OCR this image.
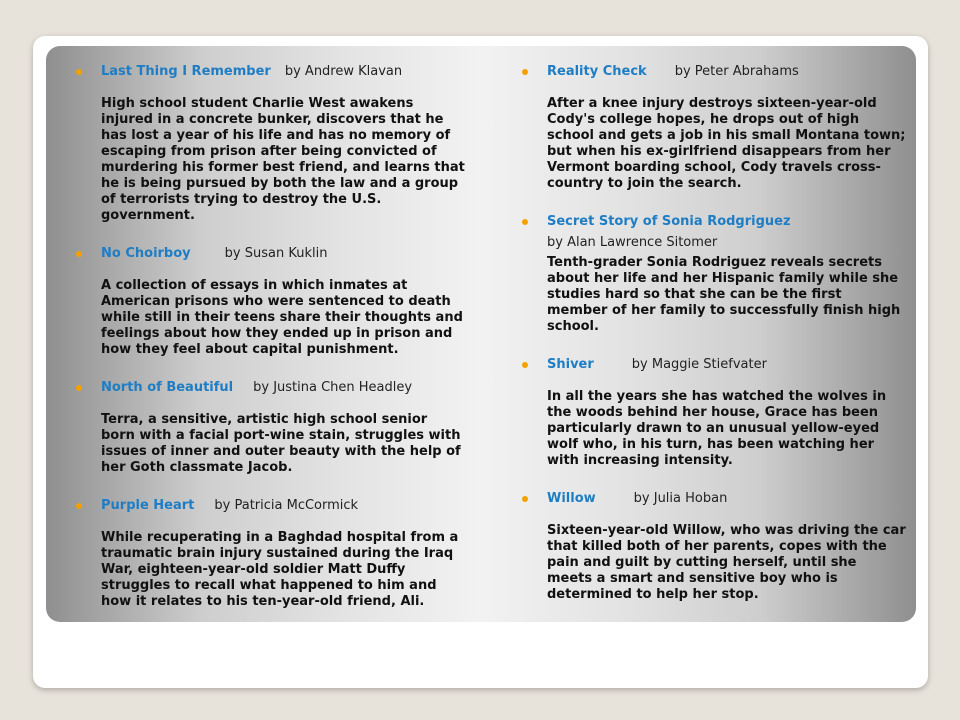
Last Thing I Remember by Andrew Klavan

High school student Charlie West awakens injured in a concrete bunker, discovers that he has lost a year of his life and has no memory of escaping from prison after being convicted of murdering his former best friend, and learns that he is being pursued by both the law and a group of terrorists trying to destroy the U.S. government.

No Choirboy	by Susan Kuklin

A collection of essays in which inmates at American prisons who were sentenced to death while still in their teens share their thoughts and feelings about how they ended up in prison and how they feel about capital punishment.

North of Beautiful by Justina Chen Headley

Terra, a sensitive, artistic high school senior born with a facial port-wine stain, struggles with issues of inner and outer beauty with the help of her Goth classmate Jacob.

Purple Heart by Patricia McCormick

While recuperating in a Baghdad hospital from a traumatic brain injury sustained during the Iraq War, eighteen-year-old soldier Matt Duffy struggles to recall what happened to him and how it relates to his ten-year-old friend, Ali.

Reality Check by Peter Abrahams

After a knee injury destroys sixteen-year-old Cody's college hopes, he drops out of high school and gets a job in his small Montana town; but when his ex-girlfriend disappears from her Vermont boarding school, Cody travels cross-country to join the search.

Secret Story of Sonia Rodgriguez

by Alan Lawrence Sitomer

Tenth-grader Sonia Rodriguez reveals secrets about her life and her Hispanic family while she studies hard so that she can be the first member of her family to successfully finish high school.

Shiver	by Maggie Stiefvater

In all the years she has watched the wolves in the woods behind her house, Grace has been particularly drawn to an unusual yellow-eyed wolf who, in his turn, has been watching her with increasing intensity.

Willow	by Julia Hoban

Sixteen-year-old Willow, who was driving the car that killed both of her parents, copes with the pain and guilt by cutting herself, until she meets a smart and sensitive boy who is determined to help her stop.
